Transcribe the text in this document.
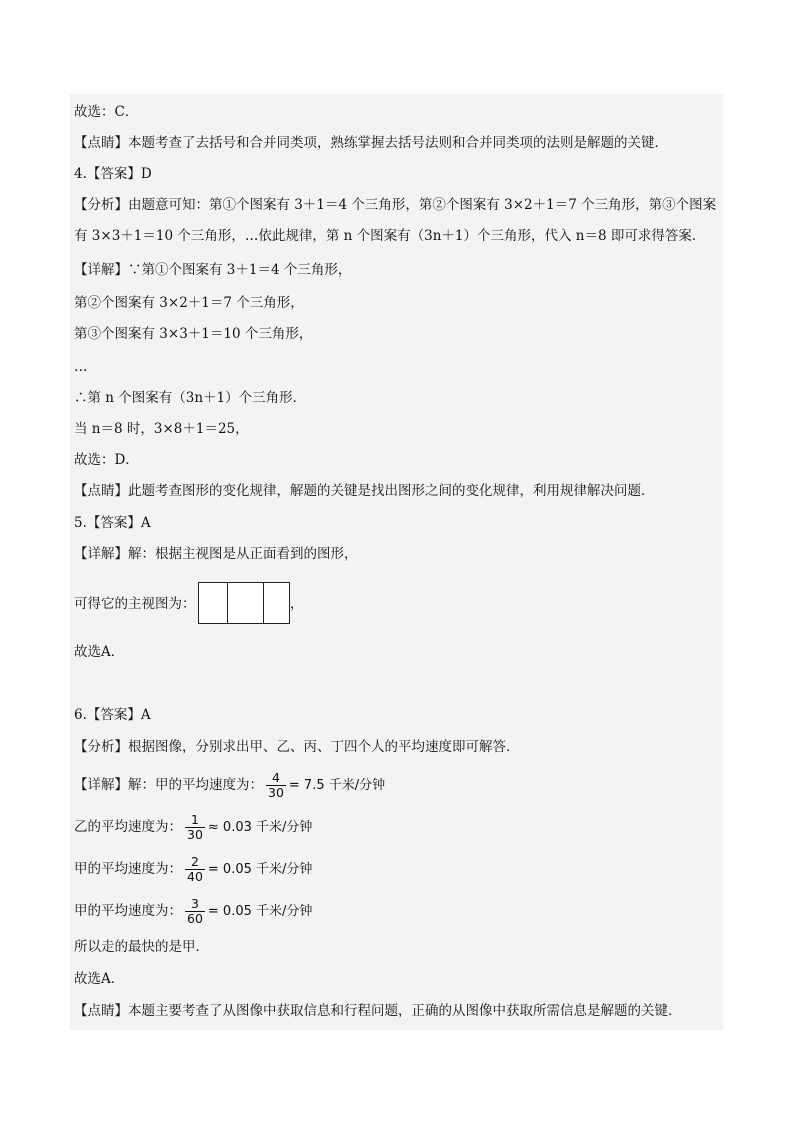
故选：C．
【点睛】本题考查了去括号和合并同类项，熟练掌握去括号法则和合并同类项的法则是解题的关键．
4.【答案】D
【分析】由题意可知：第①个图案有 3＋1＝4 个三角形，第②个图案有 3×2＋1＝7 个三角形，第③个图案
有 3×3＋1＝10 个三角形，…依此规律，第 n 个图案有（3n＋1）个三角形，代入 n＝8 即可求得答案．
【详解】∵第①个图案有 3＋1＝4 个三角形，
第②个图案有 3×2＋1＝7 个三角形，
第③个图案有 3×3＋1＝10 个三角形，
…
∴第 n 个图案有（3n＋1）个三角形．
当 n＝8 时，3×8＋1＝25，
故选：D．
【点睛】此题考查图形的变化规律，解题的关键是找出图形之间的变化规律，利用规律解决问题．
5.【答案】A
【详解】解：根据主视图是从正面看到的图形，
可得它的主视图为：	，
故选A．
6.【答案】A
【分析】根据图像，分别求出甲、乙、丙、丁四个人的平均速度即可解答．
【详解】解：甲的平均速度为： $\frac{4}{30} = 7.5$ 千米/分钟
乙的平均速度为： $\frac{1}{30} \approx 0.03$ 千米/分钟
甲的平均速度为： $\frac{2}{40} = 0.05$ 千米/分钟
甲的平均速度为： $\frac{3}{60} = 0.05$ 千米/分钟
所以走的最快的是甲．
故选A．
【点睛】本题主要考查了从图像中获取信息和行程问题，正确的从图像中获取所需信息是解题的关键．
